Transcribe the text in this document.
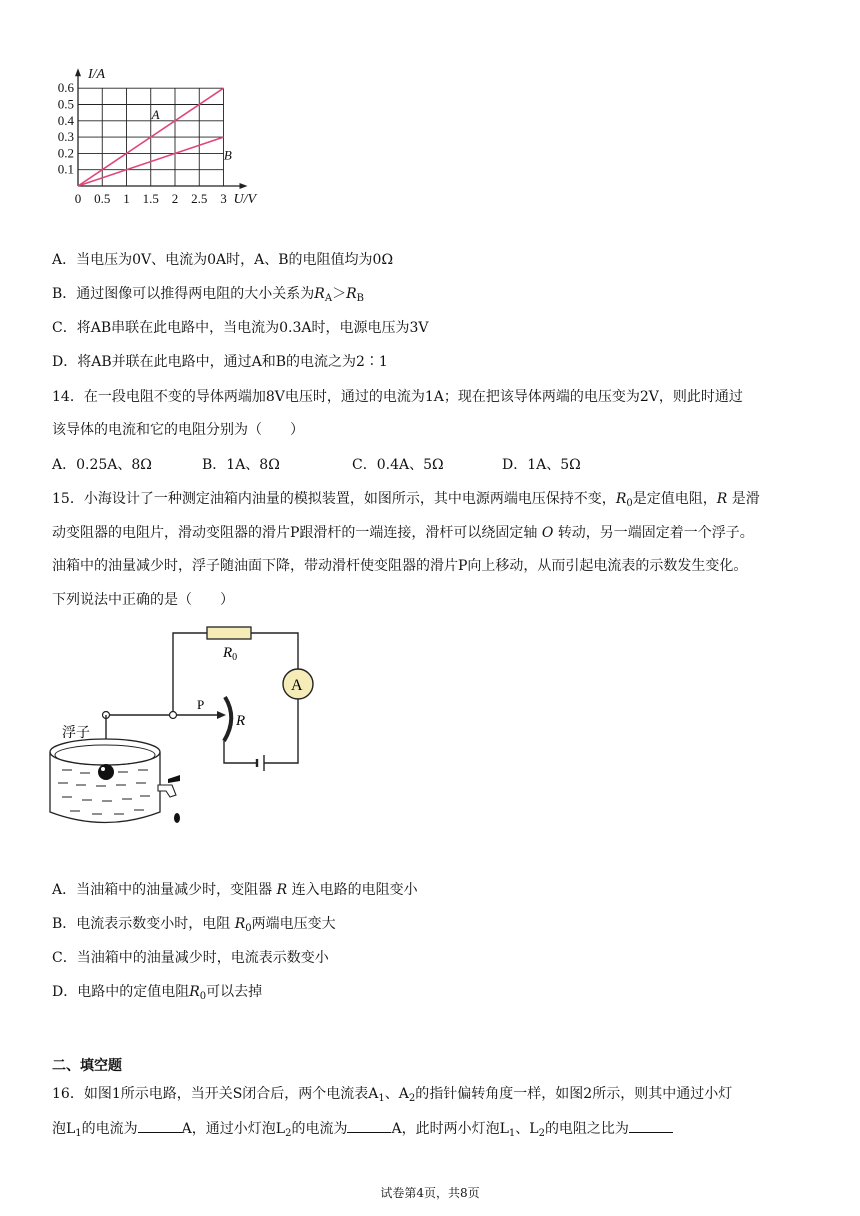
A
B
0.5 1 1.5 2 2.5 3
0.1
0.2
0.3
0.4
0.5
0.6
0
I/A
U/V
A．当电压为0V、电流为0A时，A、B的电阻值均为0Ω
B．通过图像可以推得两电阻的大小关系为$R_A>R_B$
C．将AB串联在此电路中，当电流为0.3A时，电源电压为3V
D．将AB并联在此电路中，通过A和B的电流之为2∶1
14．在一段电阻不变的导体两端加8V电压时，通过的电流为1A；现在把该导体两端的电压变为2V，则此时通过
该导体的电流和它的电阻分别为（　　）
A．0.25A、8Ω	B．1A、8Ω	C．0.4A、5Ω	D．1A、5Ω
15．小海设计了一种测定油箱内油量的模拟装置，如图所示，其中电源两端电压保持不变，$R_0$是定值电阻，R 是滑
动变阻器的电阻片，滑动变阻器的滑片P跟滑杆的一端连接，滑杆可以绕固定轴 O 转动，另一端固定着一个浮子。
油箱中的油量减少时，浮子随油面下降，带动滑杆使变阻器的滑片P向上移动，从而引起电流表的示数发生变化。
下列说法中正确的是（　　）
$R_0$
A
R
P
浮子
A．当油箱中的油量减少时，变阻器 R 连入电路的电阻变小
B．电流表示数变小时，电阻 $R_0$两端电压变大
C．当油箱中的油量减少时，电流表示数变小
D．电路中的定值电阻$R_0$可以去掉
二、填空题
16．如图1所示电路，当开关S闭合后，两个电流表$A_1$、$A_2$的指针偏转角度一样，如图2所示，则其中通过小灯
泡$L_1$的电流为	A，通过小灯泡$L_2$的电流为	A，此时两小灯泡$L_1$、$L_2$的电阻之比为
试卷第4页，共8页
